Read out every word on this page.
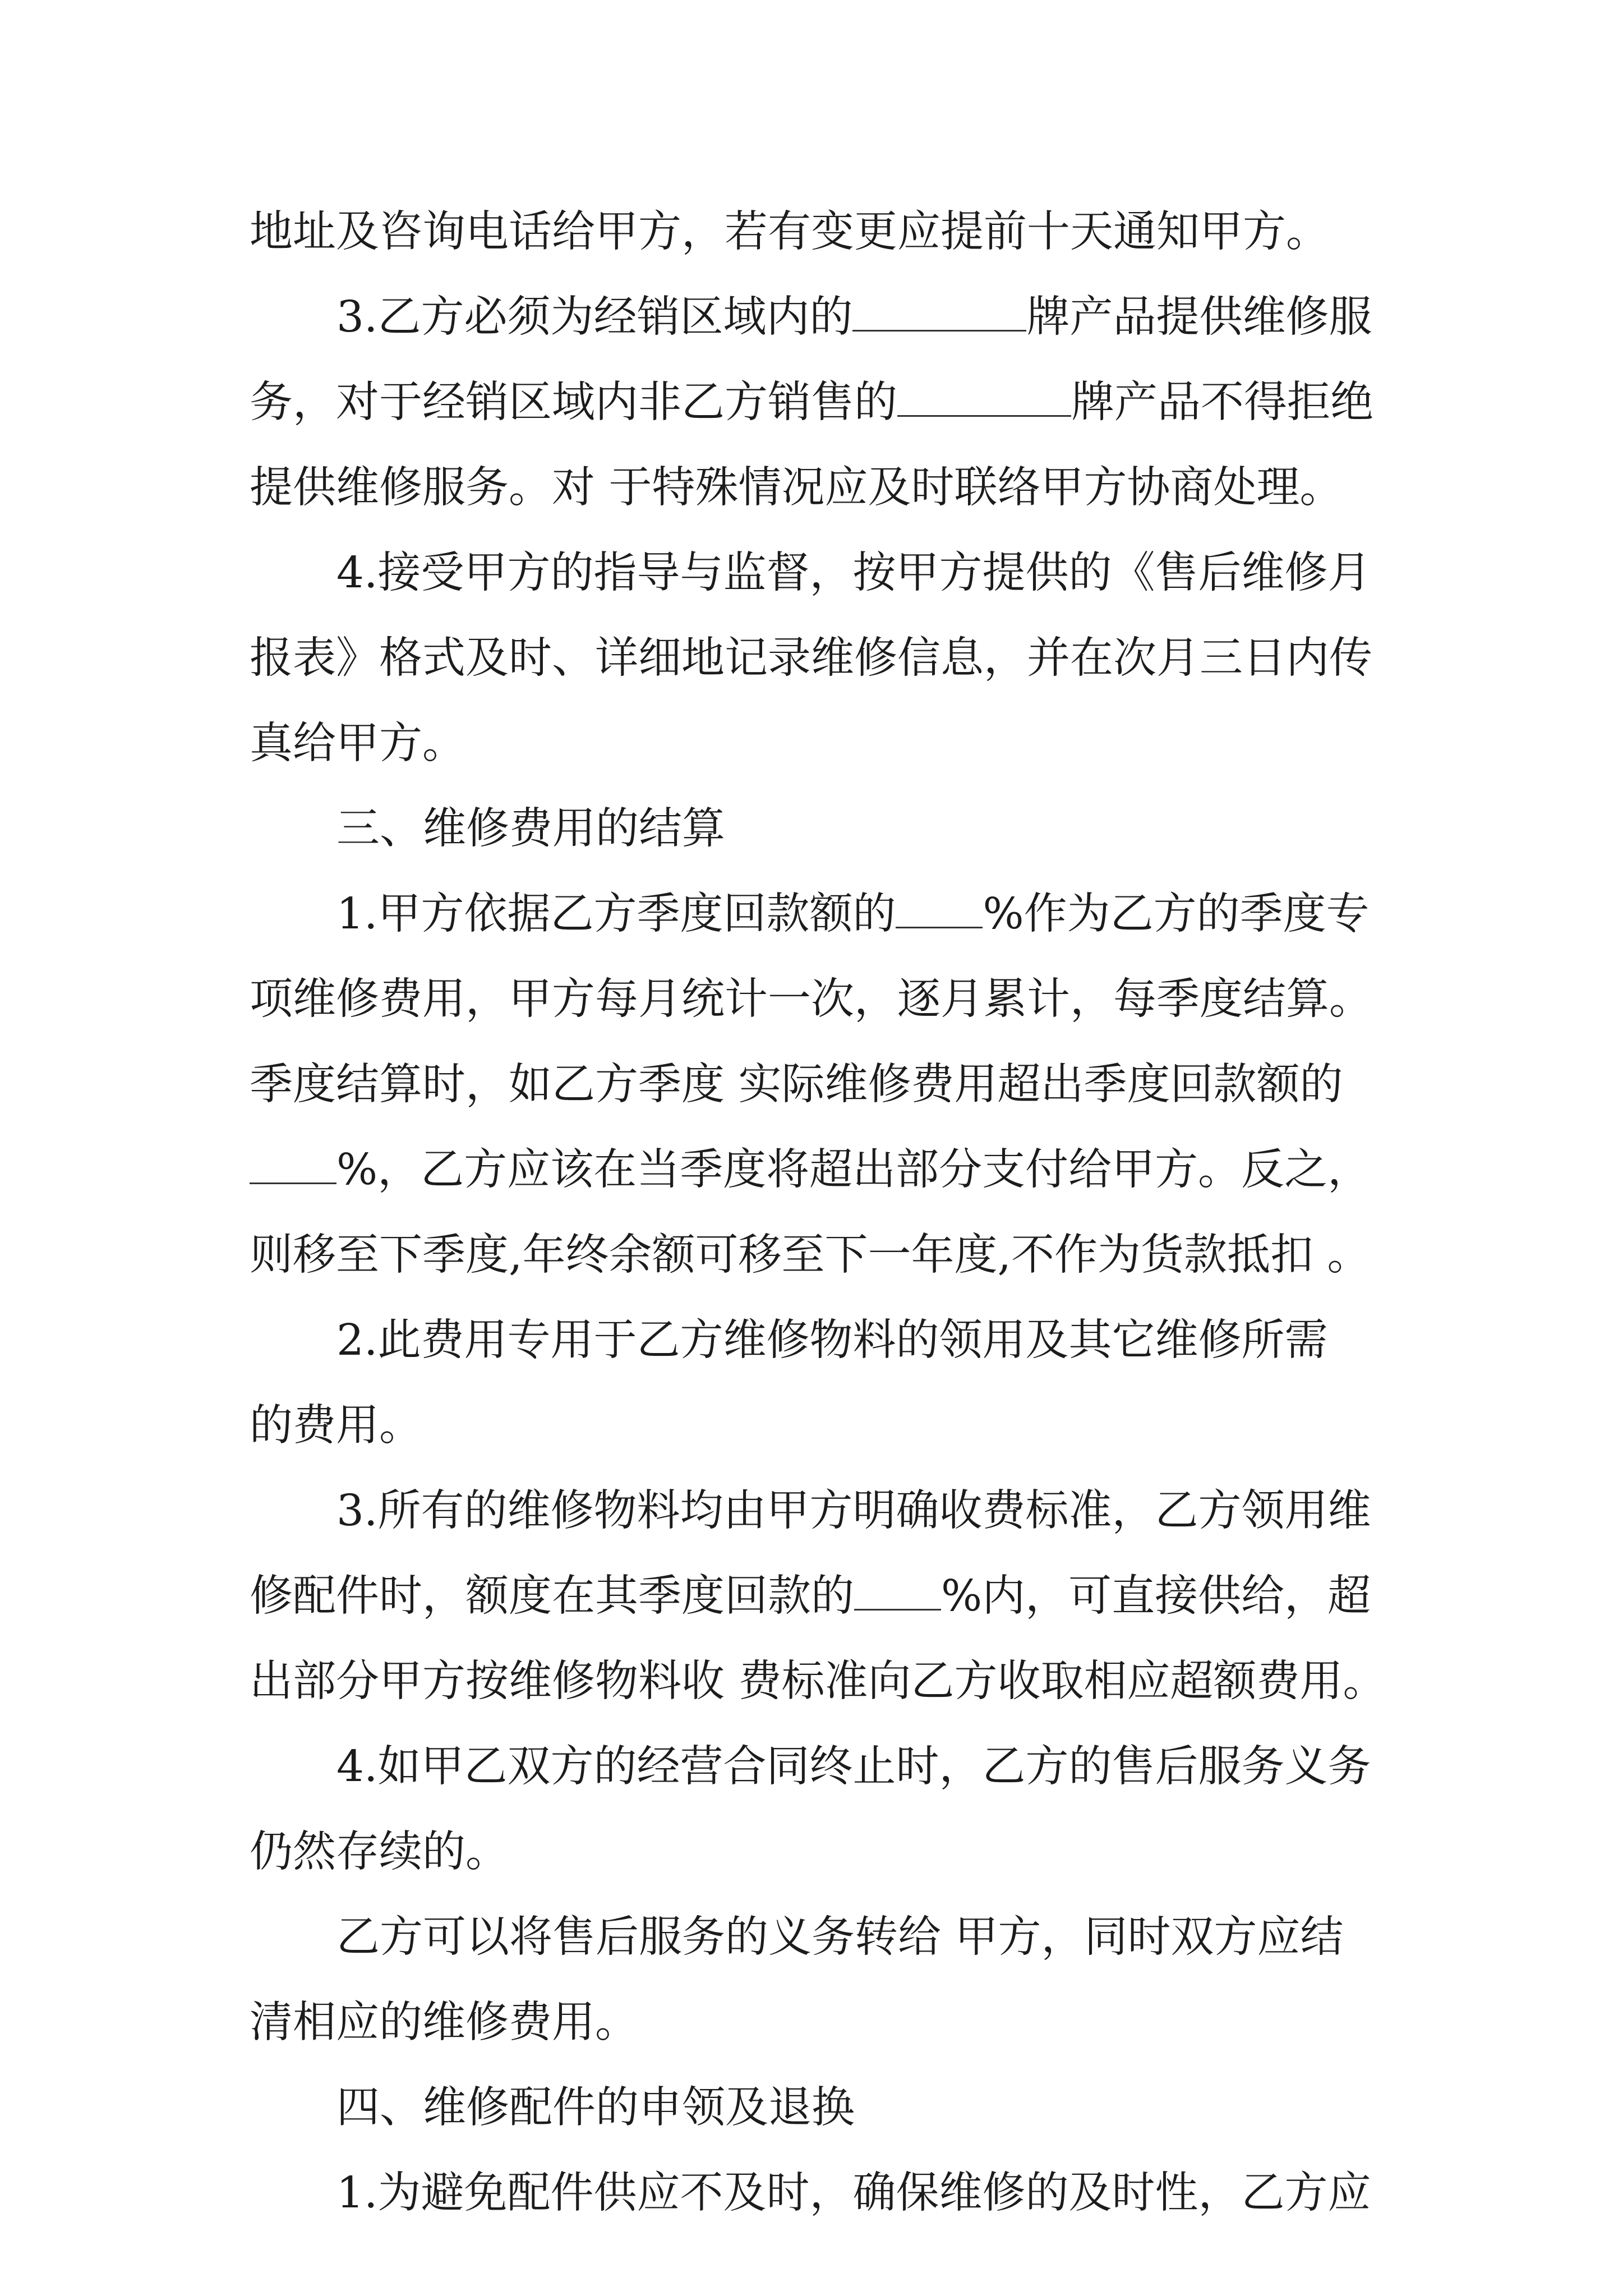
地址及咨询电话给甲方，若有变更应提前十天通知甲方。
3.乙方必须为经销区域内的	牌产品提供维修服
务，对于经销区域内非乙方销售的	牌产品不得拒绝
提供维修服务。对 于特殊情况应及时联络甲方协商处理。
4.接受甲方的指导与监督，按甲方提供的《售后维修月
报表》格式及时、详细地记录维修信息，并在次月三日内传
真给甲方。
三、维修费用的结算
1.甲方依据乙方季度回款额的 %作为乙方的季度专
项维修费用，甲方每月统计一次，逐月累计，每季度结算。
季度结算时，如乙方季度 实际维修费用超出季度回款额的
%，乙方应该在当季度将超出部分支付给甲方。反之，
则移至下季度,年终余额可移至下一年度,不作为货款抵扣 。
2.此费用专用于乙方维修物料的领用及其它维修所需
的费用。
3.所有的维修物料均由甲方明确收费标准，乙方领用维
修配件时，额度在其季度回款的 %内，可直接供给，超
出部分甲方按维修物料收 费标准向乙方收取相应超额费用。
4.如甲乙双方的经营合同终止时，乙方的售后服务义务
仍然存续的。
乙方可以将售后服务的义务转给 甲方，同时双方应结
清相应的维修费用。
四、维修配件的申领及退换
1.为避免配件供应不及时，确保维修的及时性，乙方应
